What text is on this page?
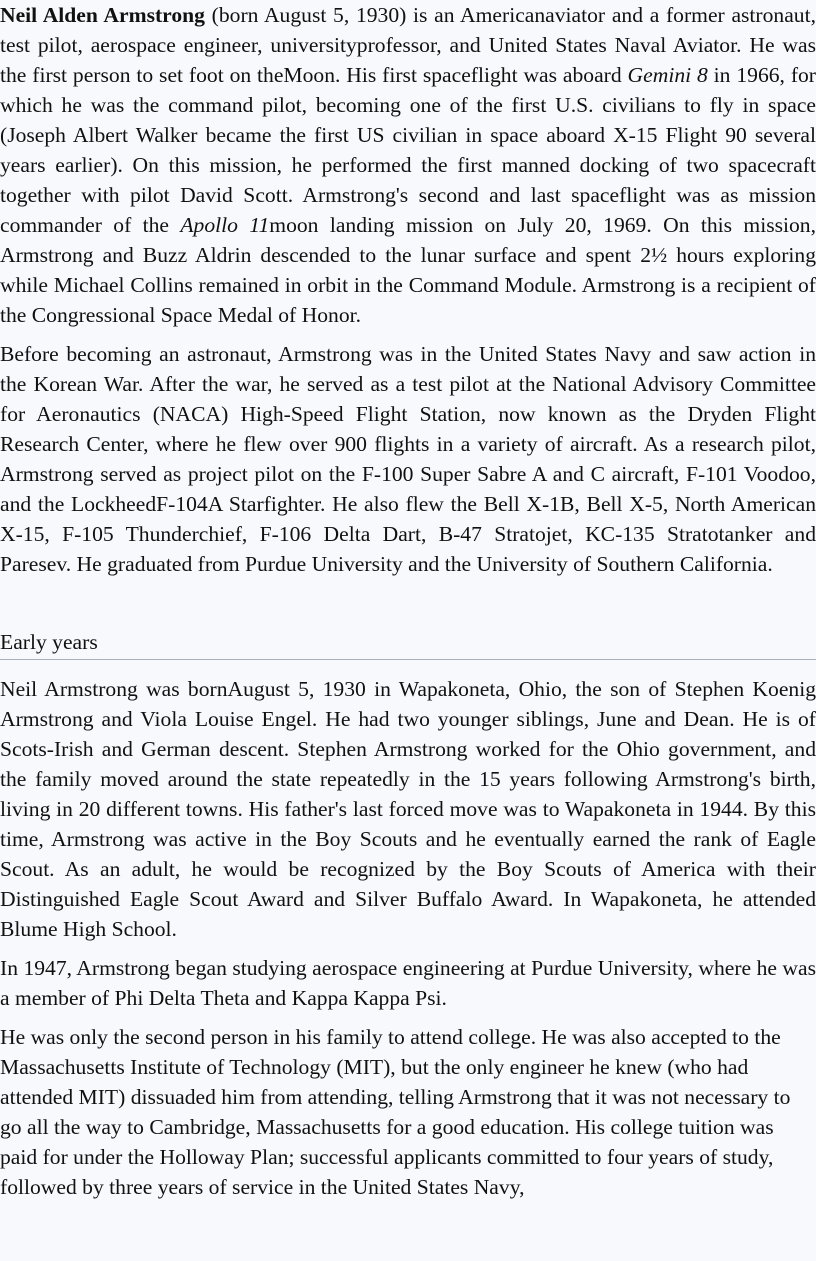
Neil Alden Armstrong (born August 5, 1930) is an Americanaviator and a former astronaut, test pilot, aerospace engineer, universityprofessor, and United States Naval Aviator. He was the first person to set foot on theMoon. His first spaceflight was aboard Gemini 8 in 1966, for which he was the command pilot, becoming one of the first U.S. civilians to fly in space (Joseph Albert Walker became the first US civilian in space aboard X-15 Flight 90 several years earlier). On this mission, he performed the first manned docking of two spacecraft together with pilot David Scott. Armstrong's second and last spaceflight was as mission commander of the Apollo 11moon landing mission on July 20, 1969. On this mission, Armstrong and Buzz Aldrin descended to the lunar surface and spent 2½ hours exploring while Michael Collins remained in orbit in the Command Module. Armstrong is a recipient of the Congressional Space Medal of Honor.

Before becoming an astronaut, Armstrong was in the United States Navy and saw action in the Korean War. After the war, he served as a test pilot at the National Advisory Committee for Aeronautics (NACA) High-Speed Flight Station, now known as the Dryden Flight Research Center, where he flew over 900 flights in a variety of aircraft. As a research pilot, Armstrong served as project pilot on the F-100 Super Sabre A and C aircraft, F-101 Voodoo, and the LockheedF-104A Starfighter. He also flew the Bell X-1B, Bell X-5, North American X-15, F-105 Thunderchief, F-106 Delta Dart, B-47 Stratojet, KC-135 Stratotanker and Paresev. He graduated from Purdue University and the University of Southern California.

Early years

Neil Armstrong was bornAugust 5, 1930 in Wapakoneta, Ohio, the son of Stephen Koenig Armstrong and Viola Louise Engel. He had two younger siblings, June and Dean. He is of Scots-Irish and German descent. Stephen Armstrong worked for the Ohio government, and the family moved around the state repeatedly in the 15 years following Armstrong's birth, living in 20 different towns. His father's last forced move was to Wapakoneta in 1944. By this time, Armstrong was active in the Boy Scouts and he eventually earned the rank of Eagle Scout. As an adult, he would be recognized by the Boy Scouts of America with their Distinguished Eagle Scout Award and Silver Buffalo Award. In Wapakoneta, he attended Blume High School.

In 1947, Armstrong began studying aerospace engineering at Purdue University, where he was a member of Phi Delta Theta and Kappa Kappa Psi.

He was only the second person in his family to attend college. He was also accepted to the Massachusetts Institute of Technology (MIT), but the only engineer he knew (who had attended MIT) dissuaded him from attending, telling Armstrong that it was not necessary to go all the way to Cambridge, Massachusetts for a good education. His college tuition was paid for under the Holloway Plan; successful applicants committed to four years of study, followed by three years of service in the United States Navy,
